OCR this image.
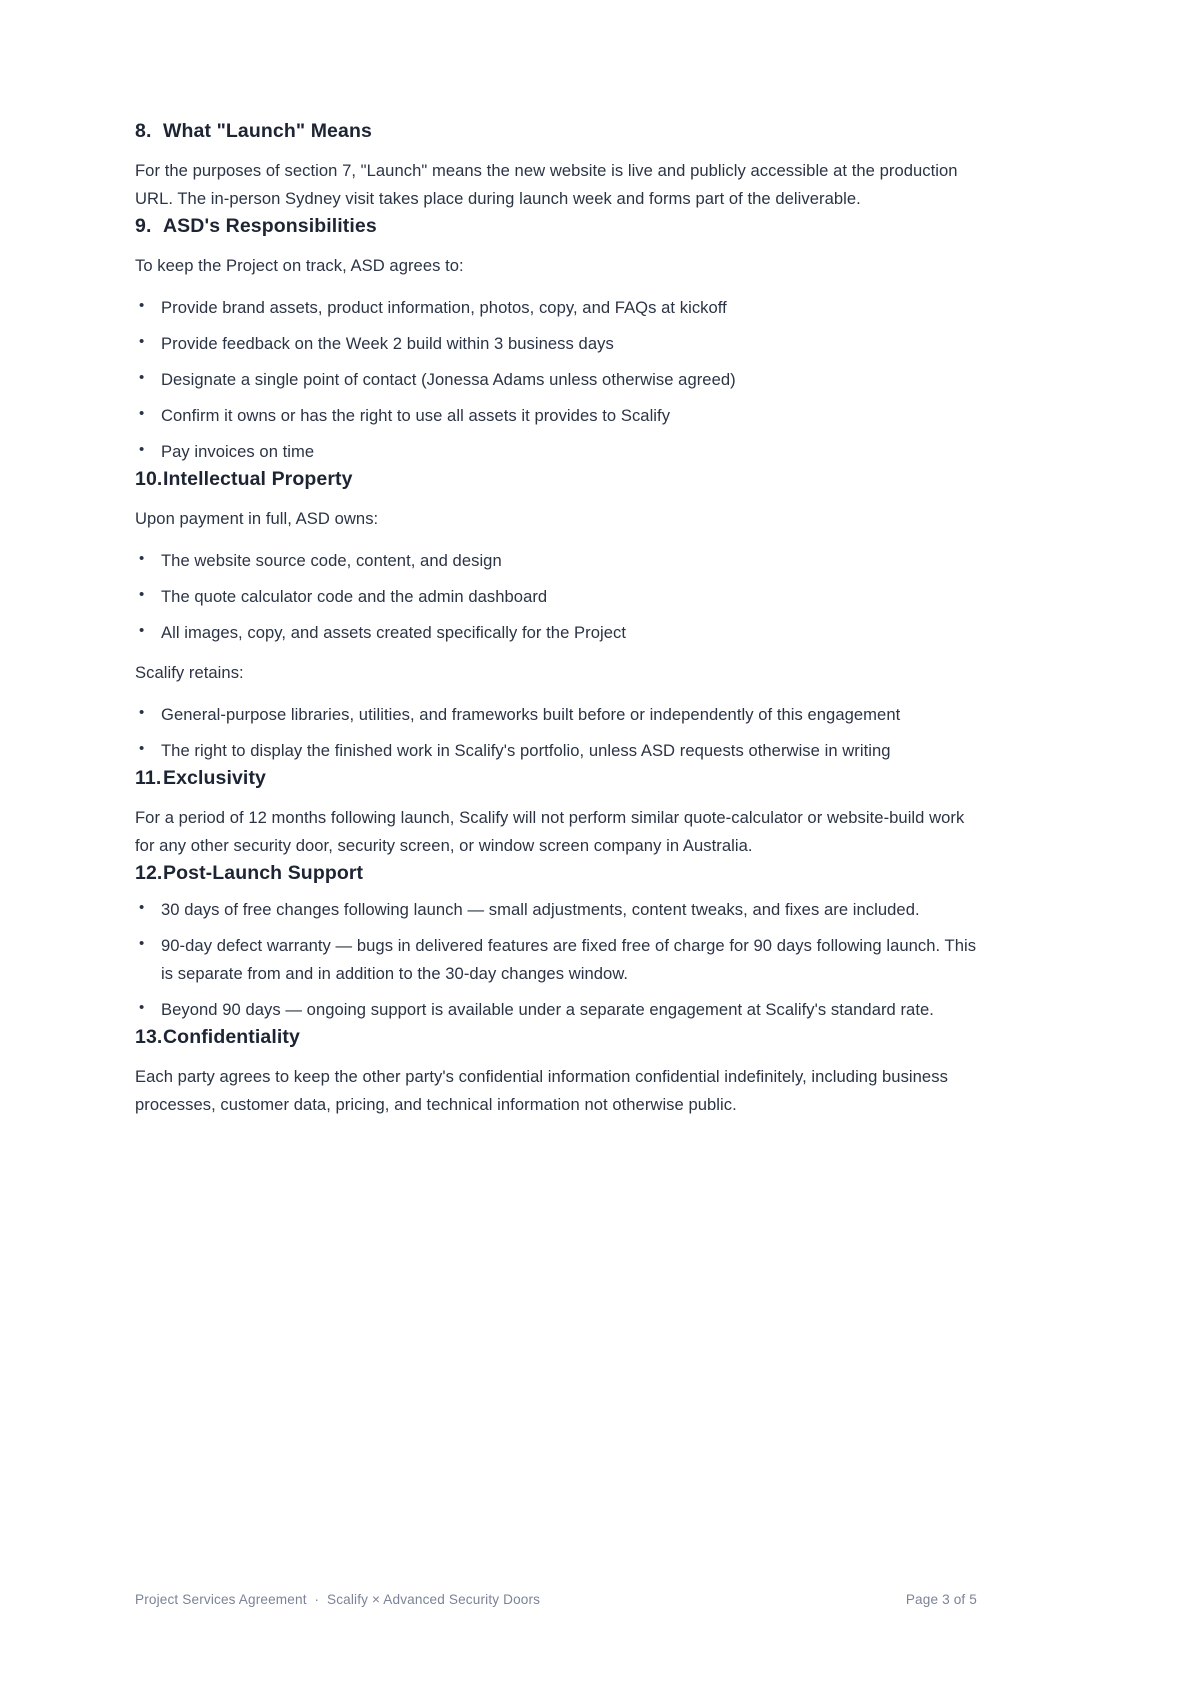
8. What "Launch" Means

For the purposes of section 7, "Launch" means the new website is live and publicly accessible at the production URL. The in-person Sydney visit takes place during launch week and forms part of the deliverable.

9. ASD's Responsibilities

To keep the Project on track, ASD agrees to:

• Provide brand assets, product information, photos, copy, and FAQs at kickoff
• Provide feedback on the Week 2 build within 3 business days
• Designate a single point of contact (Jonessa Adams unless otherwise agreed)
• Confirm it owns or has the right to use all assets it provides to Scalify
• Pay invoices on time
10.Intellectual Property

Upon payment in full, ASD owns:

• The website source code, content, and design
• The quote calculator code and the admin dashboard
• All images, copy, and assets created specifically for the Project

Scalify retains:

• General-purpose libraries, utilities, and frameworks built before or independently of this engagement
• The right to display the finished work in Scalify's portfolio, unless ASD requests otherwise in writing
11.Exclusivity

For a period of 12 months following launch, Scalify will not perform similar quote-calculator or website-build work for any other security door, security screen, or window screen company in Australia.

12.Post-Launch Support
• 30 days of free changes following launch — small adjustments, content tweaks, and fixes are included.
• 90-day defect warranty — bugs in delivered features are fixed free of charge for 90 days following launch. This is separate from and in addition to the 30-day changes window.
• Beyond 90 days — ongoing support is available under a separate engagement at Scalify's standard rate.
13.Confidentiality

Each party agrees to keep the other party's confidential information confidential indefinitely, including business processes, customer data, pricing, and technical information not otherwise public.

Project Services Agreement  ·  Scalify × Advanced Security Doors	Page 3 of 5
